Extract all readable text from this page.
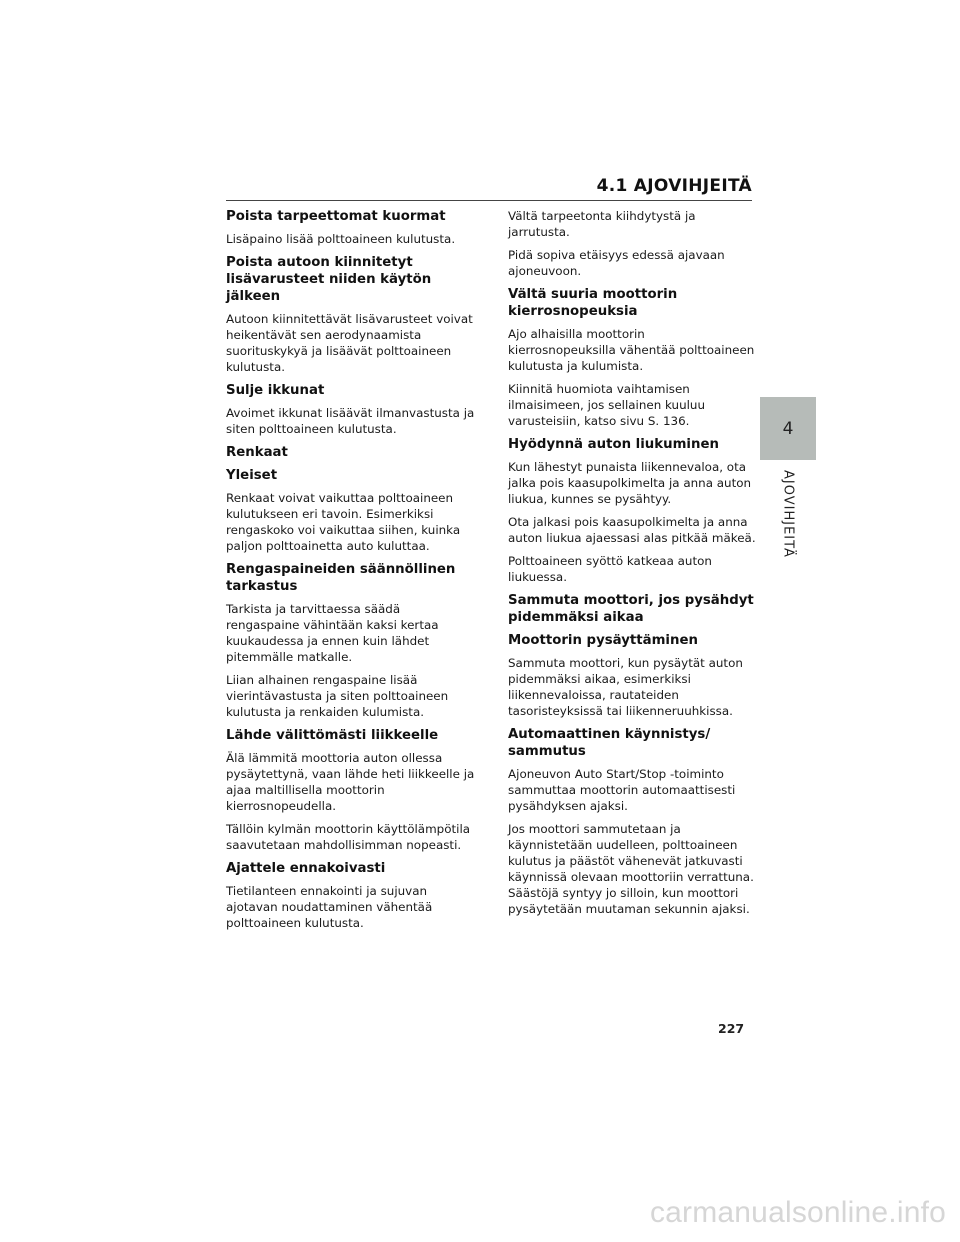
4.1 AJOVIHJEITÄ
Poista tarpeettomat kuormat

Lisäpaino lisää polttoaineen kulutusta.

Poista autoon kiinnitetyt lisävarusteet niiden käytön jälkeen

Autoon kiinnitettävät lisävarusteet voivat heikentävät sen aerodynaamista suorituskykyä ja lisäävät polttoaineen kulutusta.

Sulje ikkunat

Avoimet ikkunat lisäävät ilmanvastusta ja siten polttoaineen kulutusta.

Renkaat
Yleiset

Renkaat voivat vaikuttaa polttoaineen kulutukseen eri tavoin. Esimerkiksi rengaskoko voi vaikuttaa siihen, kuinka paljon polttoainetta auto kuluttaa.

Rengaspaineiden säännöllinen tarkastus

Tarkista ja tarvittaessa säädä rengaspaine vähintään kaksi kertaa kuukaudessa ja ennen kuin lähdet pitemmälle matkalle.

Liian alhainen rengaspaine lisää vierintävastusta ja siten polttoaineen kulutusta ja renkaiden kulumista.

Lähde välittömästi liikkeelle

Älä lämmitä moottoria auton ollessa pysäytettynä, vaan lähde heti liikkeelle ja ajaa maltillisella moottorin kierrosnopeudella.

Tällöin kylmän moottorin käyttölämpötila saavutetaan mahdollisimman nopeasti.

Ajattele ennakoivasti

Tietilanteen ennakointi ja sujuvan ajotavan noudattaminen vähentää polttoaineen kulutusta.

Vältä tarpeetonta kiihdytystä ja jarrutusta.

Pidä sopiva etäisyys edessä ajavaan ajoneuvoon.

Vältä suuria moottorin kierrosnopeuksia

Ajo alhaisilla moottorin kierrosnopeuksilla vähentää polttoaineen kulutusta ja kulumista.

Kiinnitä huomiota vaihtamisen ilmaisimeen, jos sellainen kuuluu varusteisiin, katso sivu S. 136.

Hyödynnä auton liukuminen

Kun lähestyt punaista liikennevaloa, ota jalka pois kaasupolkimelta ja anna auton liukua, kunnes se pysähtyy.

Ota jalkasi pois kaasupolkimelta ja anna auton liukua ajaessasi alas pitkää mäkeä.

Polttoaineen syöttö katkeaa auton liukuessa.

Sammuta moottori, jos pysähdyt pidemmäksi aikaa
Moottorin pysäyttäminen

Sammuta moottori, kun pysäytät auton pidemmäksi aikaa, esimerkiksi liikennevaloissa, rautateiden tasoristeyksissä tai liikenneruuhkissa.

Automaattinen käynnistys/ sammutus

Ajoneuvon Auto Start/Stop -toiminto sammuttaa moottorin automaattisesti pysähdyksen ajaksi.

Jos moottori sammutetaan ja käynnistetään uudelleen, polttoaineen kulutus ja päästöt vähenevät jatkuvasti käynnissä olevaan moottoriin verrattuna. Säästöjä syntyy jo silloin, kun moottori pysäytetään muutaman sekunnin ajaksi.

4
AJOVIHJEITÄ
227
carmanualsonline.info
